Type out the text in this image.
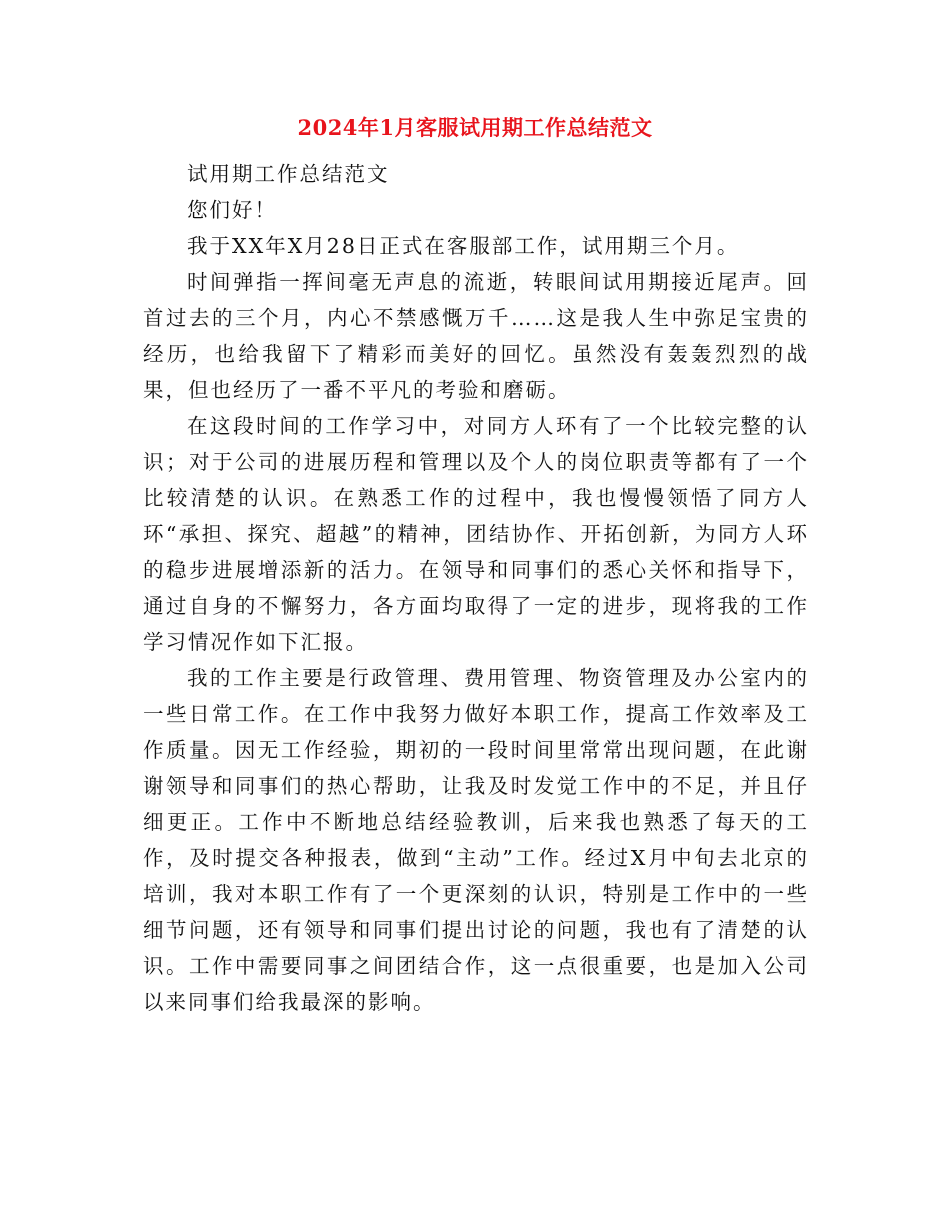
2024年1月客服试用期工作总结范文

试用期工作总结范文

您们好！

我于XX年X月28日正式在客服部工作，试用期三个月。

时间弹指一挥间毫无声息的流逝，转眼间试用期接近尾声。回首过去的三个月，内心不禁感慨万千……这是我人生中弥足宝贵的经历，也给我留下了精彩而美好的回忆。虽然没有轰轰烈烈的战果，但也经历了一番不平凡的考验和磨砺。

在这段时间的工作学习中，对同方人环有了一个比较完整的认识；对于公司的进展历程和管理以及个人的岗位职责等都有了一个比较清楚的认识。在熟悉工作的过程中，我也慢慢领悟了同方人环“承担、探究、超越”的精神，团结协作、开拓创新，为同方人环的稳步进展增添新的活力。在领导和同事们的悉心关怀和指导下，通过自身的不懈努力，各方面均取得了一定的进步，现将我的工作学习情况作如下汇报。

我的工作主要是行政管理、费用管理、物资管理及办公室内的一些日常工作。在工作中我努力做好本职工作，提高工作效率及工作质量。因无工作经验，期初的一段时间里常常出现问题，在此谢谢领导和同事们的热心帮助，让我及时发觉工作中的不足，并且仔细更正。工作中不断地总结经验教训，后来我也熟悉了每天的工作，及时提交各种报表，做到“主动”工作。经过X月中旬去北京的培训，我对本职工作有了一个更深刻的认识，特别是工作中的一些细节问题，还有领导和同事们提出讨论的问题，我也有了清楚的认识。工作中需要同事之间团结合作，这一点很重要，也是加入公司以来同事们给我最深的影响。
